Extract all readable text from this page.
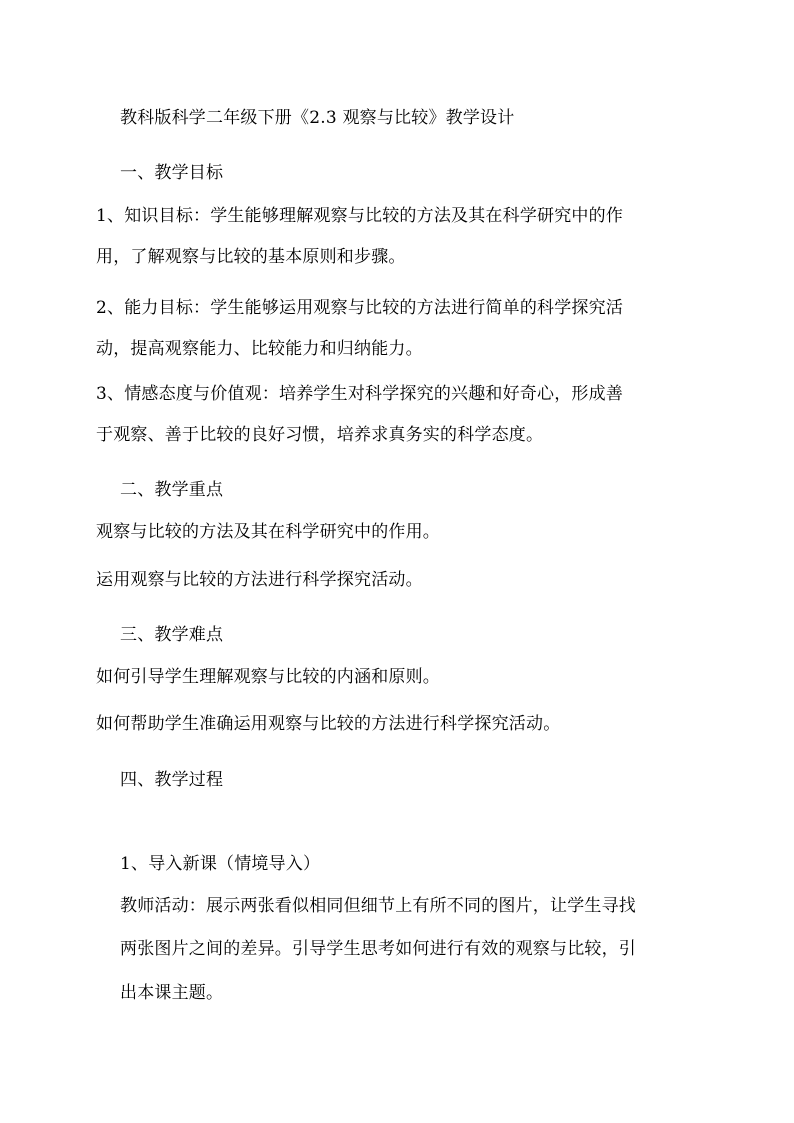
教科版科学二年级下册《2.3 观察与比较》教学设计
一、教学目标
1、知识目标：学生能够理解观察与比较的方法及其在科学研究中的作
用，了解观察与比较的基本原则和步骤。
2、能力目标：学生能够运用观察与比较的方法进行简单的科学探究活
动，提高观察能力、比较能力和归纳能力。
3、情感态度与价值观：培养学生对科学探究的兴趣和好奇心，形成善
于观察、善于比较的良好习惯，培养求真务实的科学态度。
二、教学重点
观察与比较的方法及其在科学研究中的作用。
运用观察与比较的方法进行科学探究活动。
三、教学难点
如何引导学生理解观察与比较的内涵和原则。
如何帮助学生准确运用观察与比较的方法进行科学探究活动。
四、教学过程
1、导入新课（情境导入）
教师活动：展示两张看似相同但细节上有所不同的图片，让学生寻找
两张图片之间的差异。引导学生思考如何进行有效的观察与比较，引
出本课主题。
